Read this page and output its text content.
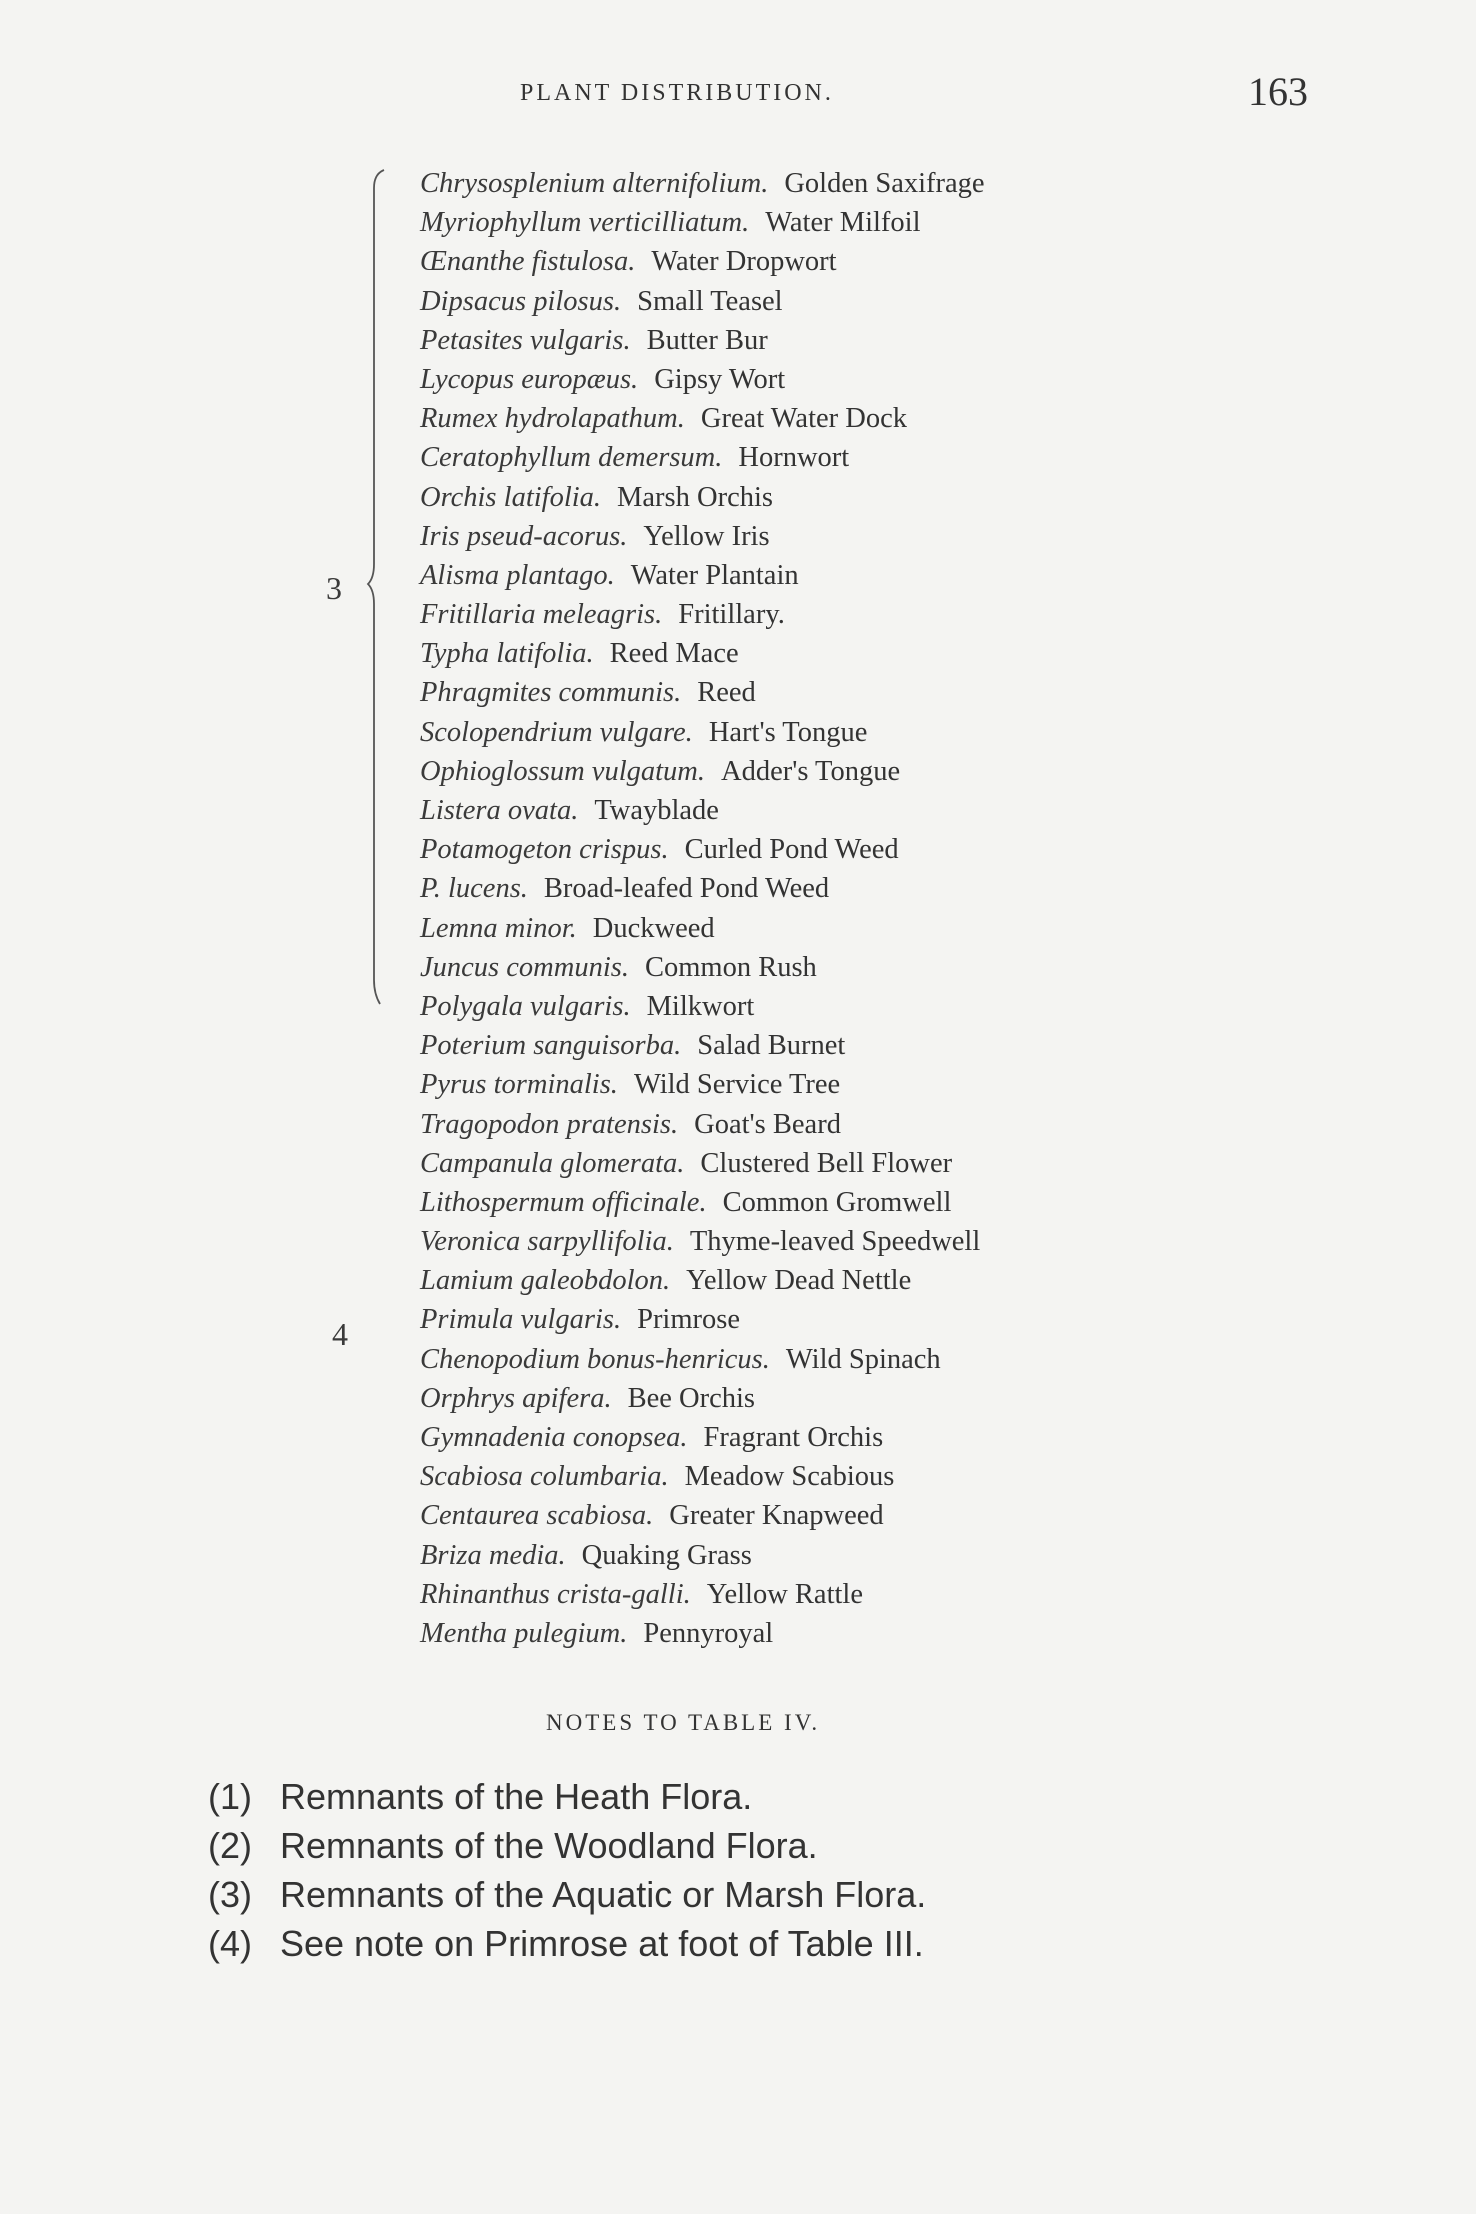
PLANT DISTRIBUTION.	163
3
4
Chrysosplenium alternifolium. Golden Saxifrage
Myriophyllum verticilliatum. Water Milfoil
Œnanthe fistulosa. Water Dropwort
Dipsacus pilosus. Small Teasel
Petasites vulgaris. Butter Bur
Lycopus europæus. Gipsy Wort
Rumex hydrolapathum. Great Water Dock
Ceratophyllum demersum. Hornwort
Orchis latifolia. Marsh Orchis
Iris pseud-acorus. Yellow Iris
Alisma plantago. Water Plantain
Fritillaria meleagris. Fritillary.
Typha latifolia. Reed Mace
Phragmites communis. Reed
Scolopendrium vulgare. Hart's Tongue
Ophioglossum vulgatum. Adder's Tongue
Listera ovata. Twayblade
Potamogeton crispus. Curled Pond Weed
P. lucens. Broad-leafed Pond Weed
Lemna minor. Duckweed
Juncus communis. Common Rush
Polygala vulgaris. Milkwort
Poterium sanguisorba. Salad Burnet
Pyrus torminalis. Wild Service Tree
Tragopodon pratensis. Goat's Beard
Campanula glomerata. Clustered Bell Flower
Lithospermum officinale. Common Gromwell
Veronica sarpyllifolia. Thyme-leaved Speedwell
Lamium galeobdolon. Yellow Dead Nettle
Primula vulgaris. Primrose
Chenopodium bonus-henricus. Wild Spinach
Orphrys apifera. Bee Orchis
Gymnadenia conopsea. Fragrant Orchis
Scabiosa columbaria. Meadow Scabious
Centaurea scabiosa. Greater Knapweed
Briza media. Quaking Grass
Rhinanthus crista-galli. Yellow Rattle
Mentha pulegium. Pennyroyal
NOTES TO TABLE IV.
(1) Remnants of the Heath Flora.
(2) Remnants of the Woodland Flora.
(3) Remnants of the Aquatic or Marsh Flora.
(4) See note on Primrose at foot of Table III.
